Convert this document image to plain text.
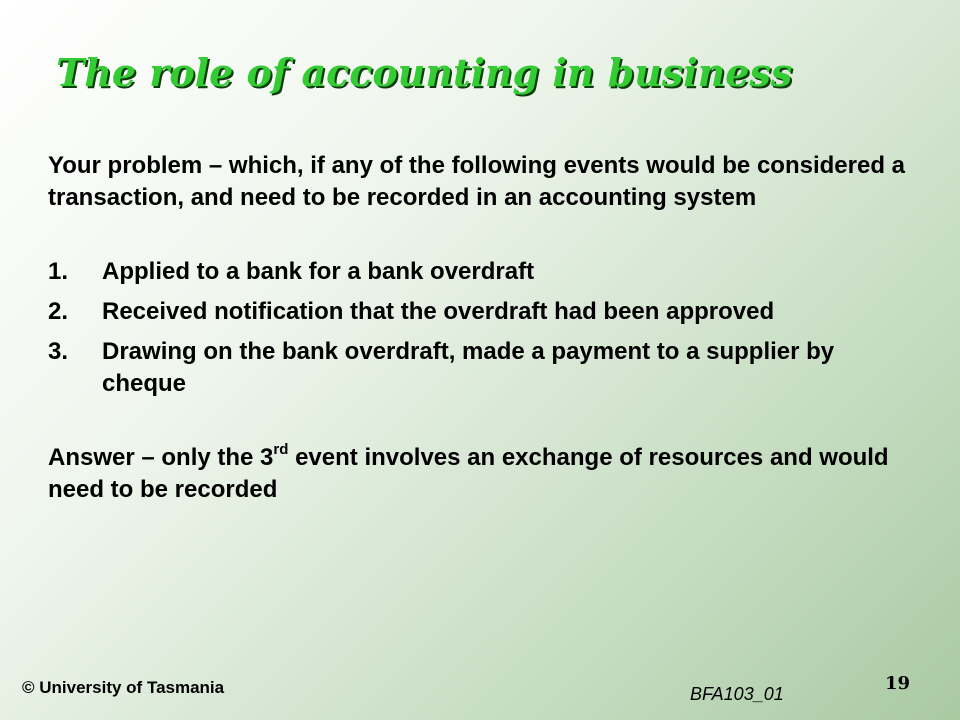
The role of accounting in business

Your problem – which, if any of the following events would be considered a transaction, and need to be recorded in an accounting system

1. Applied to a bank for a bank overdraft
2. Received notification that the overdraft had been approved
3. Drawing on the bank overdraft, made a payment to a supplier by cheque

Answer – only the 3rd event involves an exchange of resources and would need to be recorded

© University of Tasmania	BFA103_01	19
